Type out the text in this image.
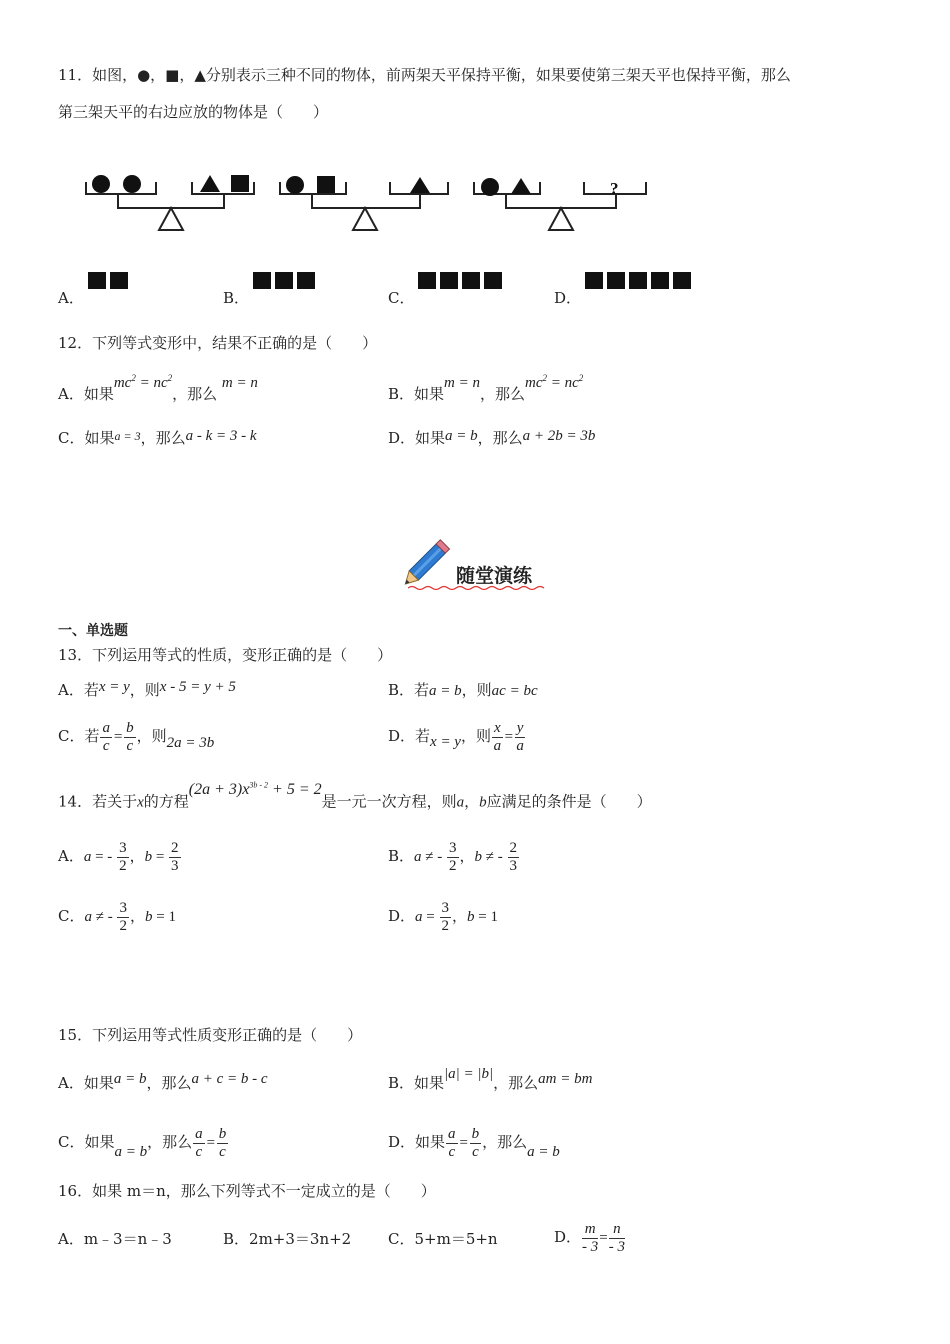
11．如图，●，■，▲分别表示三种不同的物体，前两架天平保持平衡，如果要使第三架天平也保持平衡，那么
第三架天平的右边应放的物体是（　　）
?
A．	B．	C．	D．
12．下列等式变形中，结果不正确的是（　　）
A．如果$mc^2 = nc^2$，那么 m = n
B．如果m = n，那么$mc^2 = nc^2$
C．如果$^{a = 3}$，那么a - k = 3 - k	D．如果a = b，那么a + 2b = 3b
随堂演练
一、单选题
13．下列运用等式的性质，变形正确的是（　　）
A．若x = y，则x - 5 = y + 5	B．若a = b，则ac = bc
C．若 $\frac{a}{c} = \frac{b}{c}$ ，则2a = 3b	D．若x = y，则 $\frac{x}{a} = \frac{y}{a}$
14．若关于x的方程$(2a + 3)x^{3b - 2} + 5 = 2$是一元一次方程，则a，b应满足的条件是（　　）
A．a = - $\frac{3}{2}$ ，$b = \frac{2}{3}$	B．a ≠ - $\frac{3}{2}$ ，b ≠ - $\frac{2}{3}$
C．a ≠ - $\frac{3}{2}$ ，b = 1	D．$a = \frac{3}{2}$ ，b = 1
15．下列运用等式性质变形正确的是（　　）
A．如果a = b，那么a + c = b - c	B．如果|a| = |b|，那么am = bm
C．如果a = b，那么 $\frac{a}{c} = \frac{b}{c}$	D．如果 $\frac{a}{c} = \frac{b}{c}$ ，那么a = b
16．如果 m＝n，那么下列等式不一定成立的是（　　）
A．m﹣3＝n﹣3	B．2m+3＝3n+2 C．5+m＝5+n	D． $\frac{m}{- 3} = \frac{n}{- 3}$
